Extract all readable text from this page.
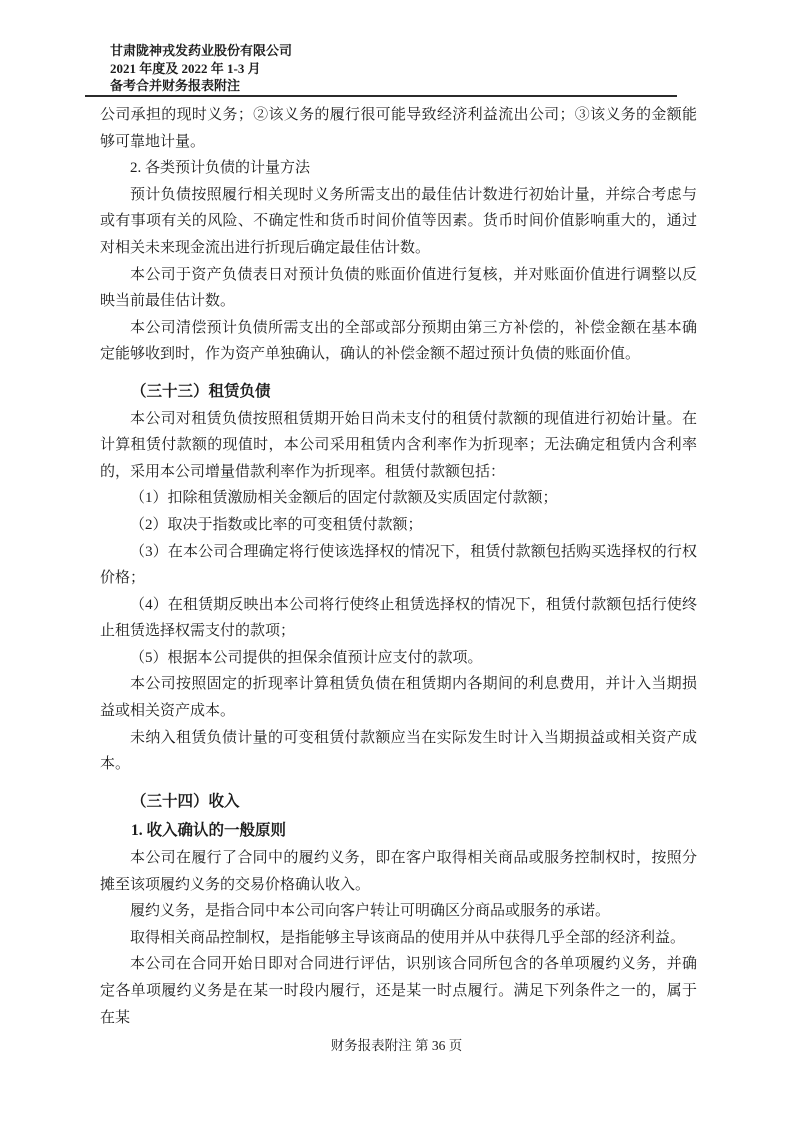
甘肃陇神戎发药业股份有限公司
2021 年度及 2022 年 1-3 月
备考合并财务报表附注

公司承担的现时义务；②该义务的履行很可能导致经济利益流出公司；③该义务的金额能够可靠地计量。

2. 各类预计负债的计量方法

预计负债按照履行相关现时义务所需支出的最佳估计数进行初始计量，并综合考虑与或有事项有关的风险、不确定性和货币时间价值等因素。货币时间价值影响重大的，通过对相关未来现金流出进行折现后确定最佳估计数。

本公司于资产负债表日对预计负债的账面价值进行复核，并对账面价值进行调整以反映当前最佳估计数。

本公司清偿预计负债所需支出的全部或部分预期由第三方补偿的，补偿金额在基本确定能够收到时，作为资产单独确认，确认的补偿金额不超过预计负债的账面价值。

（三十三）租赁负债

本公司对租赁负债按照租赁期开始日尚未支付的租赁付款额的现值进行初始计量。在计算租赁付款额的现值时，本公司采用租赁内含利率作为折现率；无法确定租赁内含利率的，采用本公司增量借款利率作为折现率。租赁付款额包括：

（1）扣除租赁激励相关金额后的固定付款额及实质固定付款额；

（2）取决于指数或比率的可变租赁付款额；

（3）在本公司合理确定将行使该选择权的情况下，租赁付款额包括购买选择权的行权价格；

（4）在租赁期反映出本公司将行使终止租赁选择权的情况下，租赁付款额包括行使终止租赁选择权需支付的款项；

（5）根据本公司提供的担保余值预计应支付的款项。

本公司按照固定的折现率计算租赁负债在租赁期内各期间的利息费用，并计入当期损益或相关资产成本。

未纳入租赁负债计量的可变租赁付款额应当在实际发生时计入当期损益或相关资产成本。

（三十四）收入

1. 收入确认的一般原则

本公司在履行了合同中的履约义务，即在客户取得相关商品或服务控制权时，按照分摊至该项履约义务的交易价格确认收入。

履约义务，是指合同中本公司向客户转让可明确区分商品或服务的承诺。

取得相关商品控制权，是指能够主导该商品的使用并从中获得几乎全部的经济利益。

本公司在合同开始日即对合同进行评估，识别该合同所包含的各单项履约义务，并确定各单项履约义务是在某一时段内履行，还是某一时点履行。满足下列条件之一的，属于在某

财务报表附注 第 36 页
